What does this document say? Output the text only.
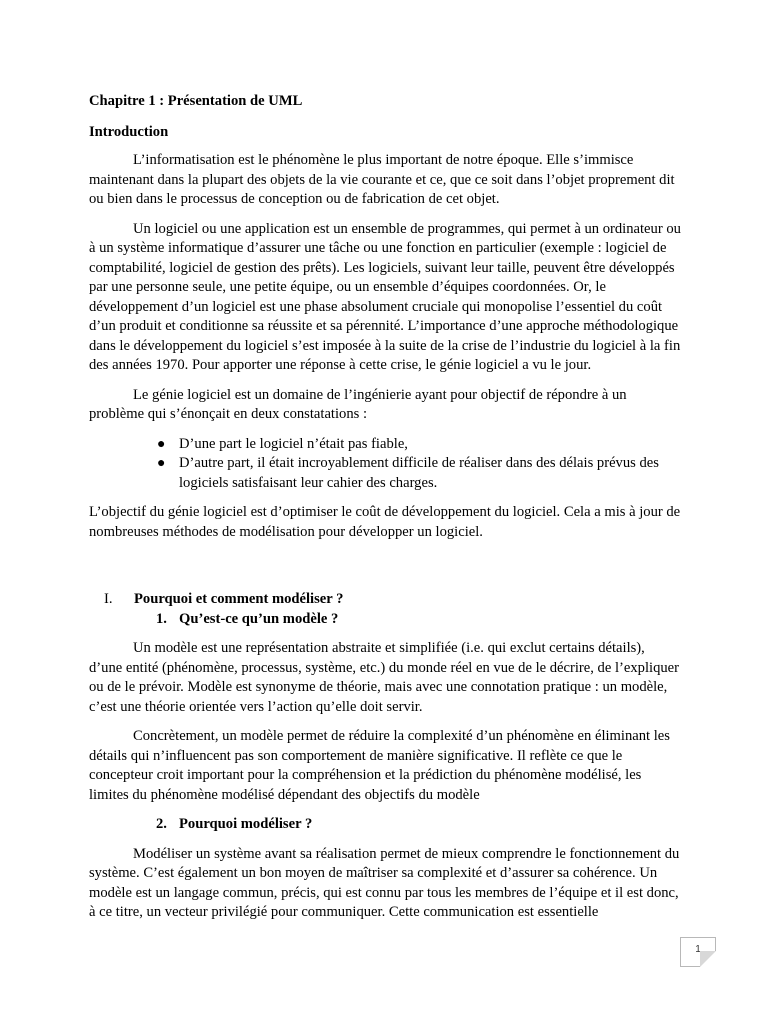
Chapitre 1 : Présentation de UML

Introduction

L’informatisation est le phénomène le plus important de notre époque. Elle s’immisce maintenant dans la plupart des objets de la vie courante et ce, que ce soit dans l’objet proprement dit ou bien dans le processus de conception ou de fabrication de cet objet.

Un logiciel ou une application est un ensemble de programmes, qui permet à un ordinateur ou à un système informatique d’assurer une tâche ou une fonction en particulier (exemple : logiciel de comptabilité, logiciel de gestion des prêts). Les logiciels, suivant leur taille, peuvent être développés par une personne seule, une petite équipe, ou un ensemble d’équipes coordonnées. Or, le développement d’un logiciel est une phase absolument cruciale qui monopolise l’essentiel du coût d’un produit et conditionne sa réussite et sa pérennité. L’importance d’une approche méthodologique dans le développement du logiciel s’est imposée à la suite de la crise de l’industrie du logiciel à la fin des années 1970. Pour apporter une réponse à cette crise, le génie logiciel a vu le jour.

Le génie logiciel est un domaine de l’ingénierie ayant pour objectif de répondre à un problème qui s’énonçait en deux constatations :

● D’une part le logiciel n’était pas fiable,
● D’autre part, il était incroyablement difficile de réaliser dans des délais prévus des logiciels satisfaisant leur cahier des charges.

L’objectif du génie logiciel est d’optimiser le coût de développement du logiciel. Cela a mis à jour de nombreuses méthodes de modélisation pour développer un logiciel.

I. Pourquoi et comment modéliser ?
1. Qu’est-ce qu’un modèle ?

Un modèle est une représentation abstraite et simplifiée (i.e. qui exclut certains détails), d’une entité (phénomène, processus, système, etc.) du monde réel en vue de le décrire, de l’expliquer ou de le prévoir. Modèle est synonyme de théorie, mais avec une connotation pratique : un modèle, c’est une théorie orientée vers l’action qu’elle doit servir.

Concrètement, un modèle permet de réduire la complexité d’un phénomène en éliminant les détails qui n’influencent pas son comportement de manière significative. Il reflète ce que le concepteur croit important pour la compréhension et la prédiction du phénomène modélisé, les limites du phénomène modélisé dépendant des objectifs du modèle

2. Pourquoi modéliser ?

Modéliser un système avant sa réalisation permet de mieux comprendre le fonctionnement du système. C’est également un bon moyen de maîtriser sa complexité et d’assurer sa cohérence. Un modèle est un langage commun, précis, qui est connu par tous les membres de l’équipe et il est donc, à ce titre, un vecteur privilégié pour communiquer. Cette communication est essentielle

1
